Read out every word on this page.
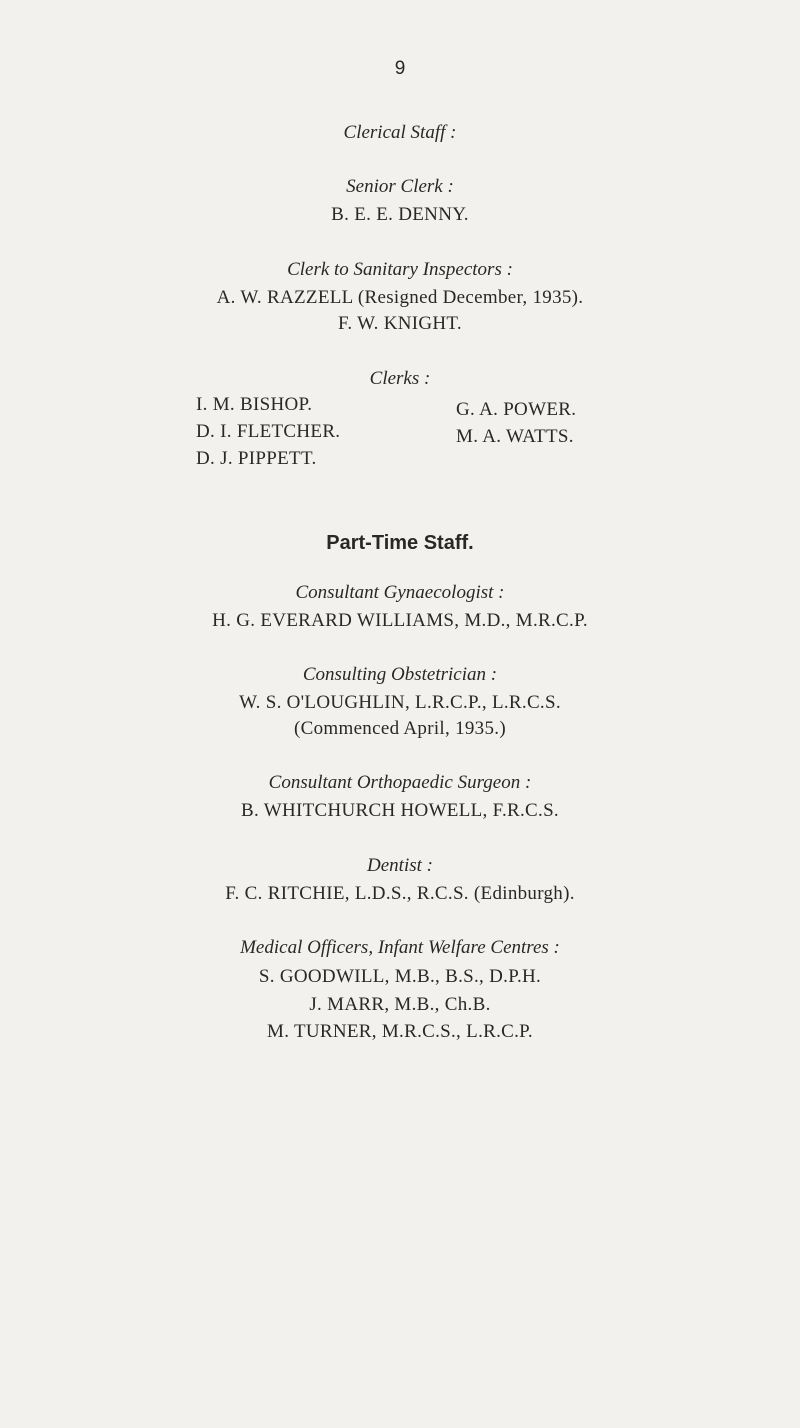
9
Clerical Staff :
Senior Clerk :
B. E. E. DENNY.
Clerk to Sanitary Inspectors :
A. W. RAZZELL (Resigned December, 1935).
F. W. KNIGHT.
Clerks :
I. M. BISHOP.
D. I. FLETCHER.
D. J. PIPPETT.
G. A. POWER.
M. A. WATTS.
Part-Time Staff.
Consultant Gynaecologist :
H. G. EVERARD WILLIAMS, M.D., M.R.C.P.
Consulting Obstetrician :
W. S. O'LOUGHLIN, L.R.C.P., L.R.C.S.
(Commenced April, 1935.)
Consultant Orthopaedic Surgeon :
B. WHITCHURCH HOWELL, F.R.C.S.
Dentist :
F. C. RITCHIE, L.D.S., R.C.S. (Edinburgh).
Medical Officers, Infant Welfare Centres :
S. GOODWILL, M.B., B.S., D.P.H.
J. MARR, M.B., Ch.B.
M. TURNER, M.R.C.S., L.R.C.P.
